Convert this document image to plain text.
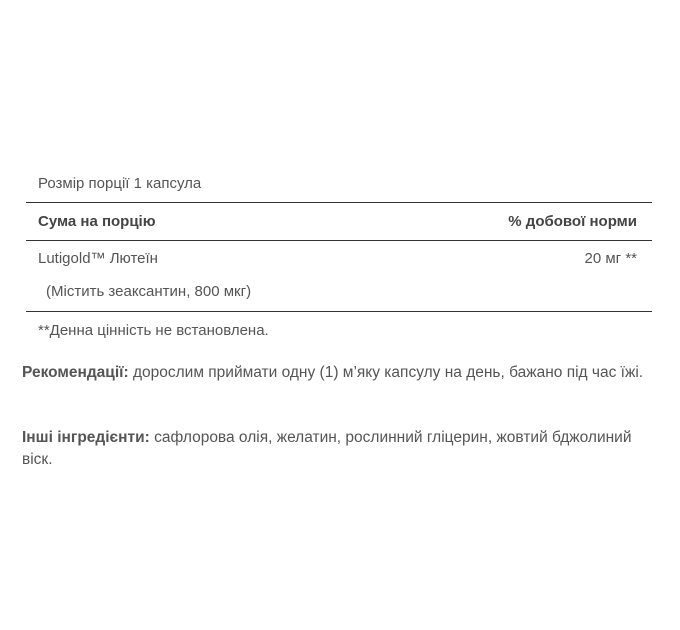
Розмір порції 1 капсула
Сума на порцію	% добової норми
Lutigold™ Лютеїн	20 мг **
(Містить зеаксантин, 800 мкг)
**Денна цінність не встановлена.
Рекомендації: дорослим приймати одну (1) м’яку капсулу на день, бажано під час їжі.
Інші інгредієнти: сафлорова олія, желатин, рослинний гліцерин, жовтий бджолиний віск.
